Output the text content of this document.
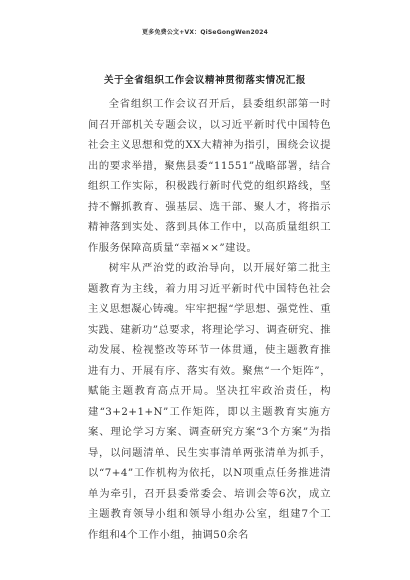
更多免费公文+VX：QiSeGongWen2024
关于全省组织工作会议精神贯彻落实情况汇报

全省组织工作会议召开后，县委组织部第一时间召开部机关专题会议，以习近平新时代中国特色社会主义思想和党的XX大精神为指引，围绕会议提出的要求举措，聚焦县委“11551”战略部署，结合组织工作实际，积极践行新时代党的组织路线，坚持不懈抓教育、强基层、选干部、聚人才，将指示精神落到实处、落到具体工作中，以高质量组织工作服务保障高质量“幸福××”建设。

树牢从严治党的政治导向，以开展好第二批主题教育为主线，着力用习近平新时代中国特色社会主义思想凝心铸魂。牢牢把握“学思想、强党性、重实践、建新功”总要求，将理论学习、调查研究、推动发展、检视整改等环节一体贯通，使主题教育推进有力、开展有序、落实有效。聚焦“一个矩阵”，赋能主题教育高点开局。坚决扛牢政治责任，构建“3+2+1+N”工作矩阵，即以主题教育实施方案、理论学习方案、调查研究方案“3个方案”为指导，以问题清单、民生实事清单两张清单为抓手，以“7+4”工作机构为依托，以N项重点任务推进清单为牵引，召开县委常委会、培训会等6次，成立主题教育领导小组和领导小组办公室，组建7个工作组和4个工作小组，抽调50余名
